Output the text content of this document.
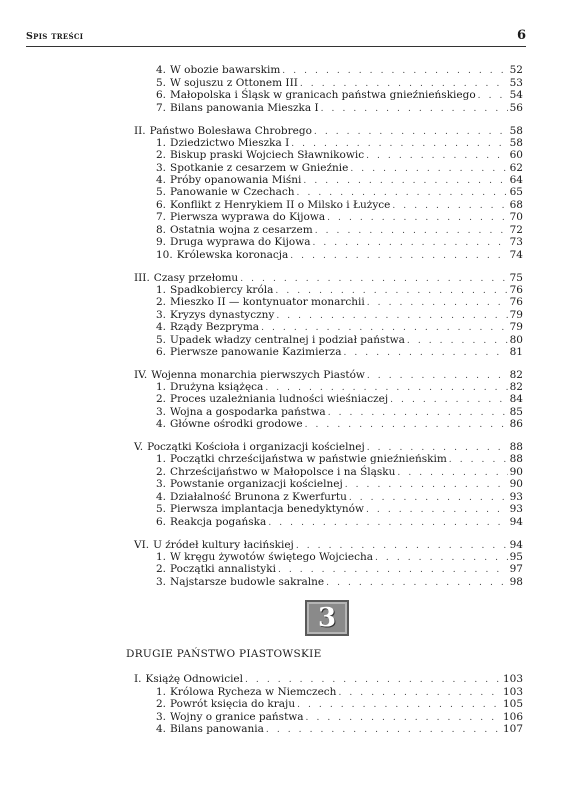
Spis treści	6
4. W obozie bawarskim . . .	52
5. W sojuszu z Ottonem III . . .	53
6. Małopolska i Śląsk w granicach państwa gnieźnieńskiego . . .	54
7. Bilans panowania Mieszka I . . .	56
II. Państwo Bolesława Chrobrego . . .	58
1. Dziedzictwo Mieszka I . . .	58
2. Biskup praski Wojciech Sławnikowic . . .	60
3. Spotkanie z cesarzem w Gnieźnie . . .	62
4. Próby opanowania Miśni . . .	64
5. Panowanie w Czechach . . .	65
6. Konflikt z Henrykiem II o Milsko i Łużyce . . .	68
7. Pierwsza wyprawa do Kijowa . . .	70
8. Ostatnia wojna z cesarzem . . .	72
9. Druga wyprawa do Kijowa . . .	73
10. Królewska koronacja . . .	74
III. Czasy przełomu . . .	75
1. Spadkobiercy króla . . .	76
2. Mieszko II — kontynuator monarchii . . .	76
3. Kryzys dynastyczny . . .	79
4. Rządy Bezpryma . . .	79
5. Upadek władzy centralnej i podział państwa . . .	80
6. Pierwsze panowanie Kazimierza . . .	81
IV. Wojenna monarchia pierwszych Piastów . . .	82
1. Drużyna książęca . . .	82
2. Proces uzależniania ludności wieśniaczej . . .	84
3. Wojna a gospodarka państwa . . .	85
4. Główne ośrodki grodowe . . .	86
V. Początki Kościoła i organizacji kościelnej . . .	88
1. Początki chrześcijaństwa w państwie gnieźnieńskim . . .	88
2. Chrześcijaństwo w Małopolsce i na Śląsku . . .	90
3. Powstanie organizacji kościelnej . . .	90
4. Działalność Brunona z Kwerfurtu . . .	93
5. Pierwsza implantacja benedyktynów . . .	93
6. Reakcja pogańska . . .	94
VI. U źródeł kultury łacińskiej . . .	94
1. W kręgu żywotów świętego Wojciecha . . .	95
2. Początki annalistyki . . .	97
3. Najstarsze budowle sakralne . . .	98
I. Książę Odnowiciel . . .	103
1. Królowa Rycheza w Niemczech . . .	103
2. Powrót księcia do kraju . . .	105
3. Wojny o granice państwa . . .	106
4. Bilans panowania . . .	107
3
DRUGIE PAŃSTWO PIASTOWSKIE
